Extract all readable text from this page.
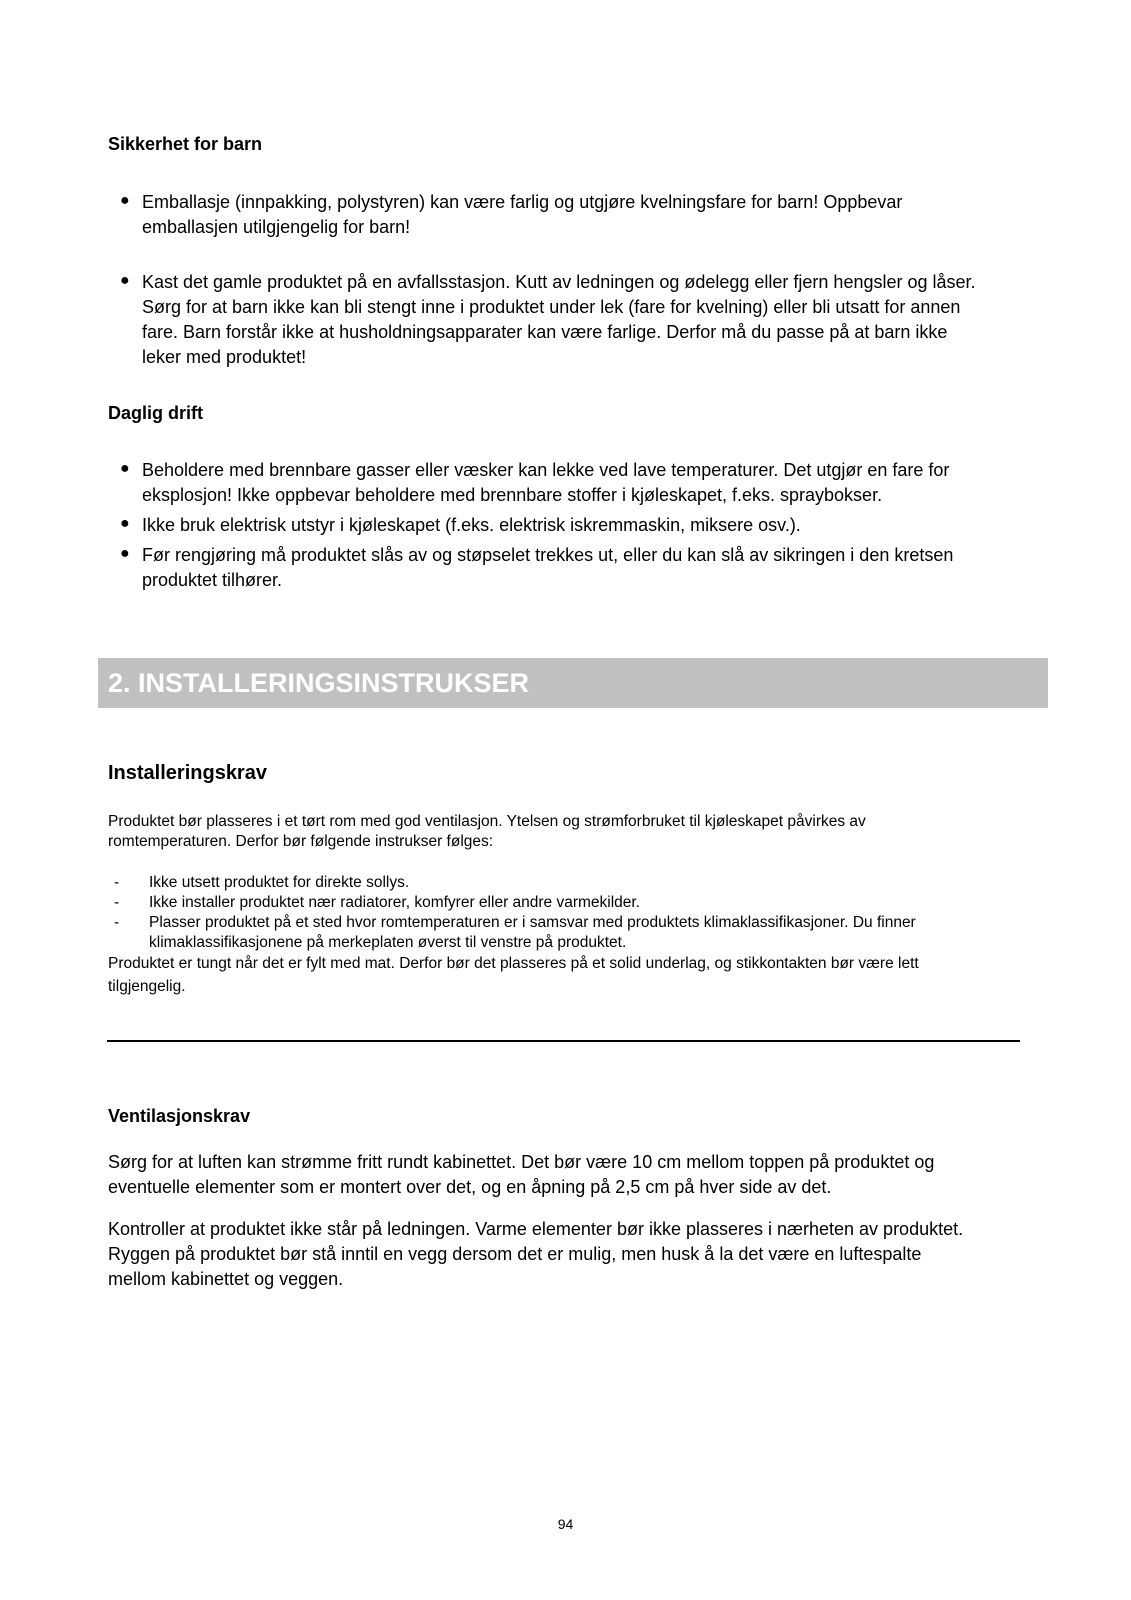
Sikkerhet for barn
● Emballasje (innpakking, polystyren) kan være farlig og utgjøre kvelningsfare for barn! Oppbevar
emballasjen utilgjengelig for barn!
● Kast det gamle produktet på en avfallsstasjon. Kutt av ledningen og ødelegg eller fjern hengsler og låser.
Sørg for at barn ikke kan bli stengt inne i produktet under lek (fare for kvelning) eller bli utsatt for annen
fare. Barn forstår ikke at husholdningsapparater kan være farlige. Derfor må du passe på at barn ikke
leker med produktet!
Daglig drift
● Beholdere med brennbare gasser eller væsker kan lekke ved lave temperaturer. Det utgjør en fare for
eksplosjon! Ikke oppbevar beholdere med brennbare stoffer i kjøleskapet, f.eks. spraybokser.
● Ikke bruk elektrisk utstyr i kjøleskapet (f.eks. elektrisk iskremmaskin, miksere osv.).
● Før rengjøring må produktet slås av og støpselet trekkes ut, eller du kan slå av sikringen i den kretsen
produktet tilhører.
2. INSTALLERINGSINSTRUKSER
Installeringskrav
Produktet bør plasseres i et tørt rom med god ventilasjon. Ytelsen og strømforbruket til kjøleskapet påvirkes av
romtemperaturen. Derfor bør følgende instrukser følges:
- Ikke utsett produktet for direkte sollys.
- Ikke installer produktet nær radiatorer, komfyrer eller andre varmekilder.
- Plasser produktet på et sted hvor romtemperaturen er i samsvar med produktets klimaklassifikasjoner. Du finner
klimaklassifikasjonene på merkeplaten øverst til venstre på produktet.
Produktet er tungt når det er fylt med mat. Derfor bør det plasseres på et solid underlag, og stikkontakten bør være lett
tilgjengelig.
Ventilasjonskrav
Sørg for at luften kan strømme fritt rundt kabinettet. Det bør være 10 cm mellom toppen på produktet og
eventuelle elementer som er montert over det, og en åpning på 2,5 cm på hver side av det.
Kontroller at produktet ikke står på ledningen. Varme elementer bør ikke plasseres i nærheten av produktet.
Ryggen på produktet bør stå inntil en vegg dersom det er mulig, men husk å la det være en luftespalte
mellom kabinettet og veggen.
94
